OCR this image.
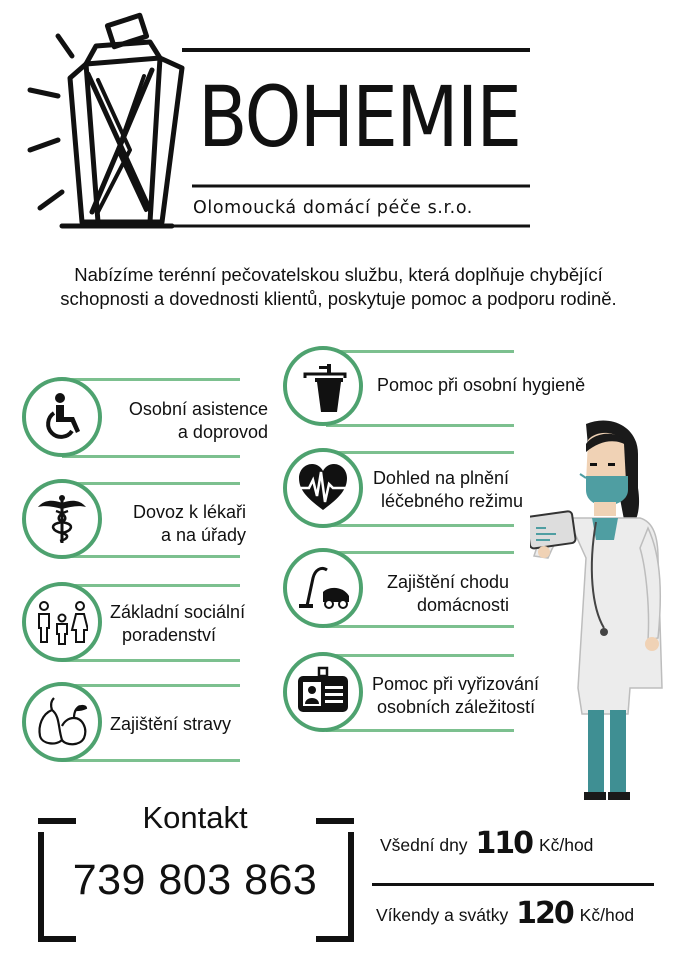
BOHEMIE
Olomoucká domácí péče s.r.o.
Nabízíme terénní pečovatelskou službu, která doplňuje chybějící
schopnosti a dovednosti klientů, poskytuje pomoc a podporu rodině.
Osobní asistence
a doprovod
Dovoz k lékaři
a na úřady
Základní sociální
poradenství
Zajištění stravy
Pomoc při osobní hygieně
Dohled na plnění
léčebného režimu
Zajištění chodu
domácnosti
Pomoc při vyřizování
osobních záležitostí
Kontakt
739 803 863
Všední dny 110 Kč/hod
Víkendy a svátky 120 Kč/hod
